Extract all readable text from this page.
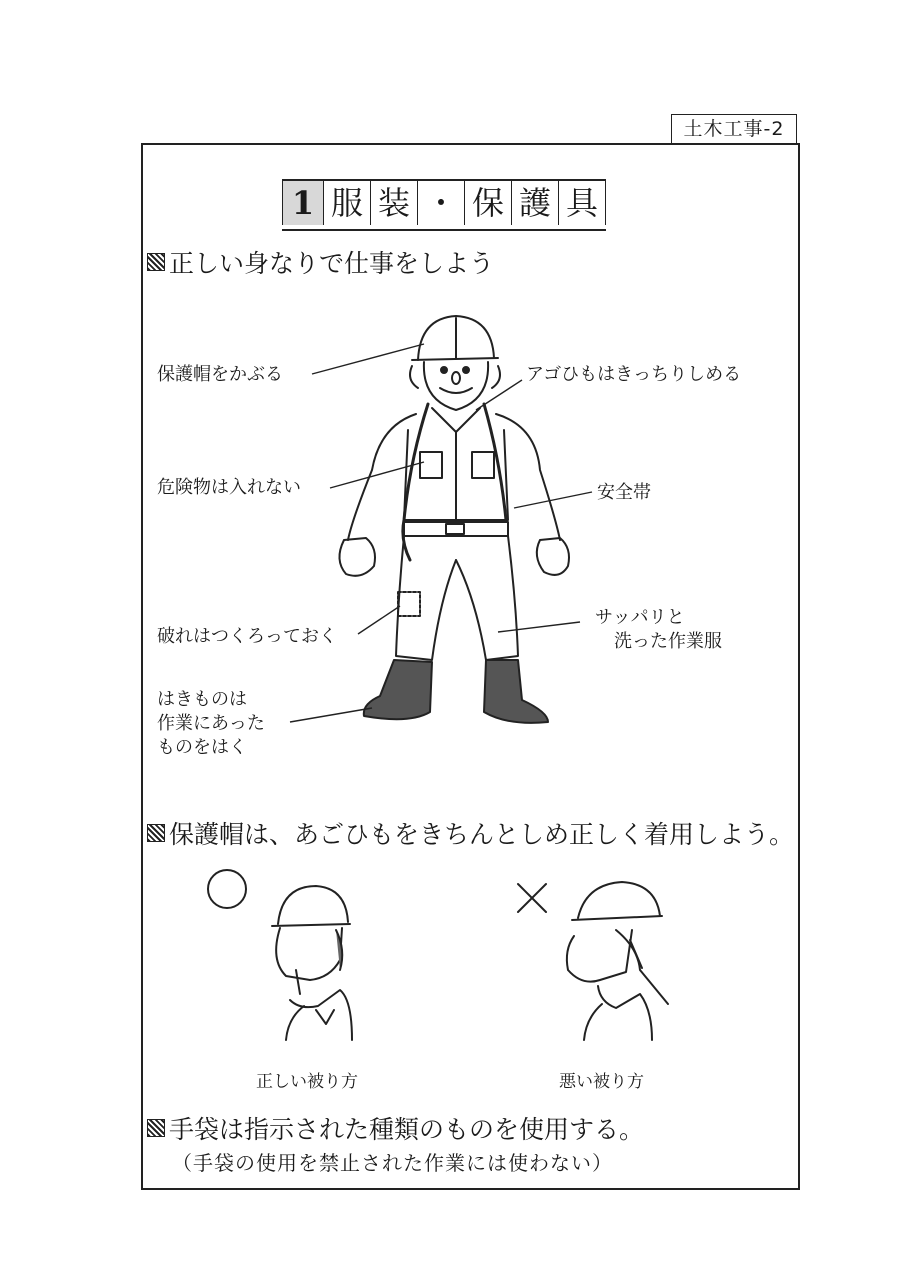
土木工事-2
1 服 装 ・ 保 護 具
正しい身なりで仕事をしよう
保護帽をかぶる	アゴひもはきっちりしめる
危険物は入れない	安全帯
破れはつくろっておく
サッパリと
洗った作業服
はきものは
作業にあった
ものをはく
保護帽は、あごひもをきちんとしめ正しく着用しよう。
正しい被り方	悪い被り方
手袋は指示された種類のものを使用する。
（手袋の使用を禁止された作業には使わない）
